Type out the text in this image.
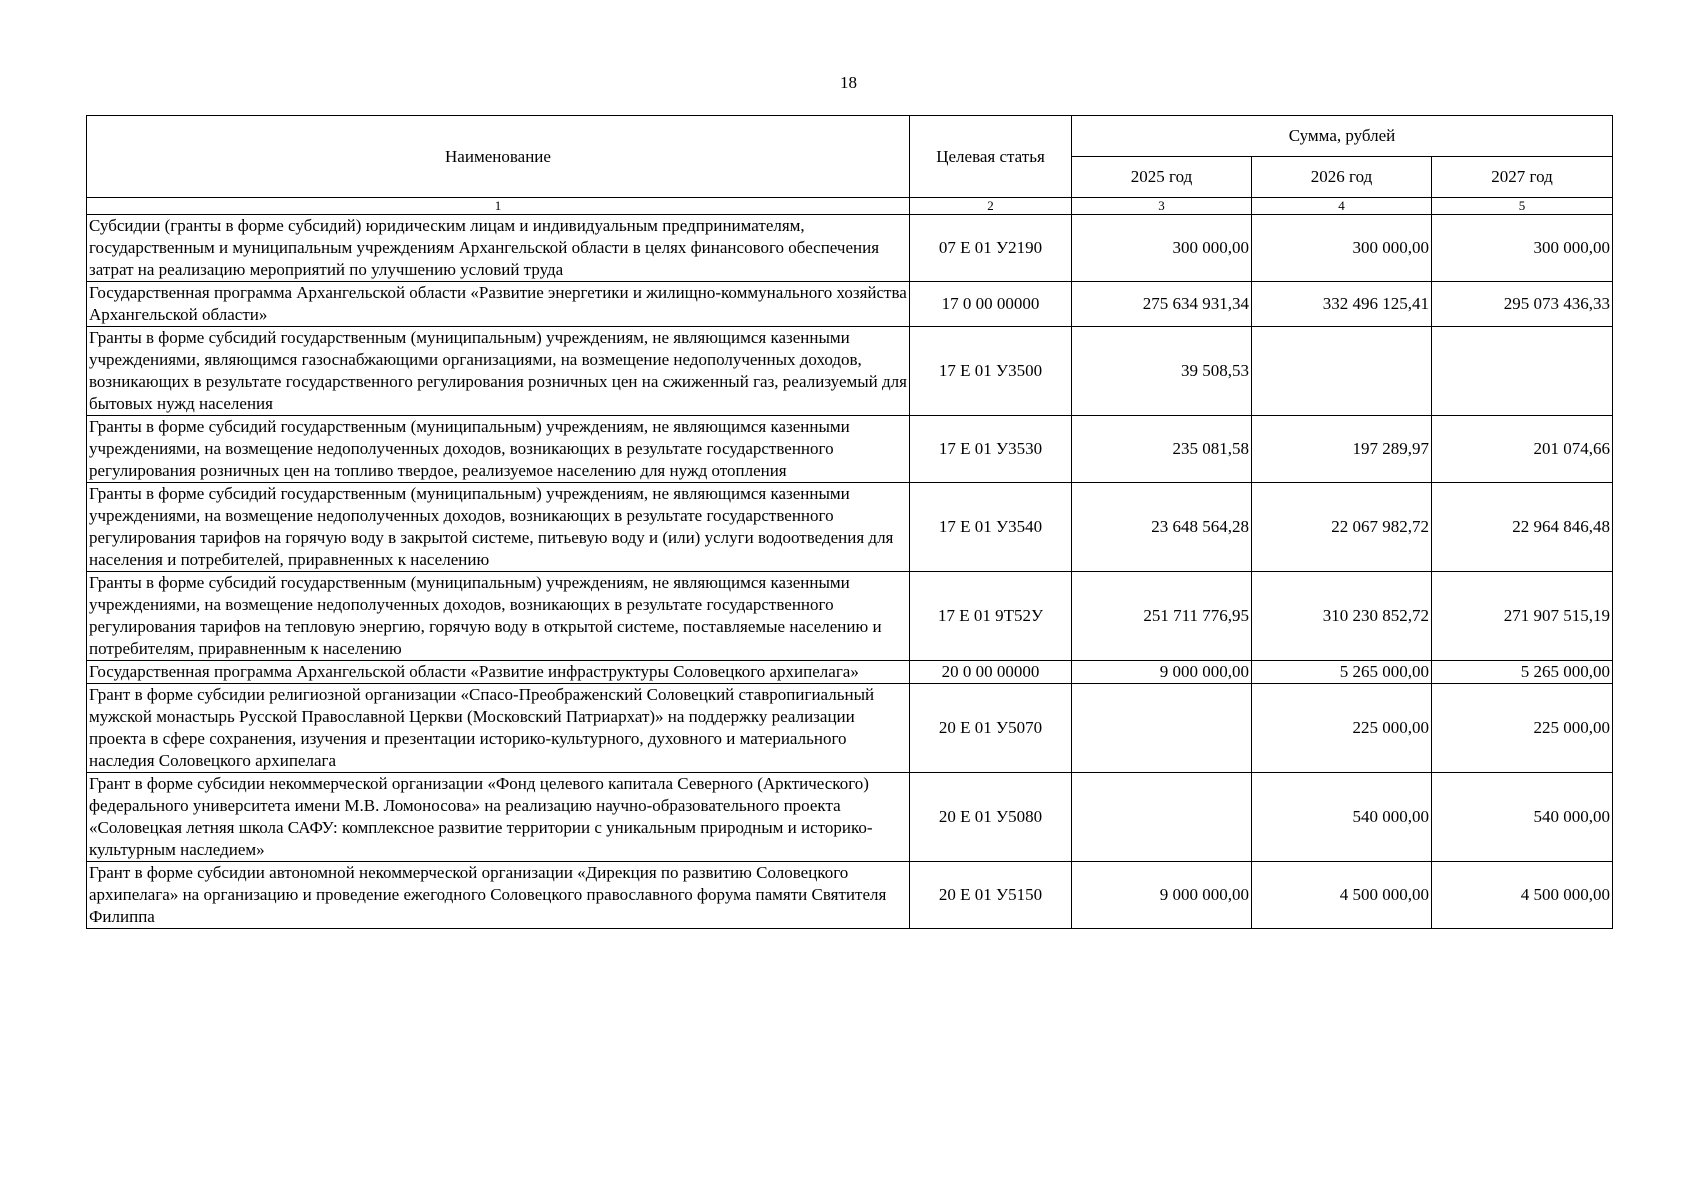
18
Наименование	Целевая статья	Сумма, рублей		
		2025 год	2026 год	2027 год
1	2	3	4	5
Субсидии (гранты в форме субсидий) юридическим лицам и индивидуальным предпринимателям, государственным и муниципальным учреждениям Архангельской области в целях финансового обеспечения затрат на реализацию мероприятий по улучшению условий труда	07 Е 01 У2190	300 000,00	300 000,00	300 000,00
Государственная программа Архангельской области «Развитие энергетики и жилищно-коммунального хозяйства Архангельской области»	17 0 00 00000	275 634 931,34	332 496 125,41	295 073 436,33
Гранты в форме субсидий государственным (муниципальным) учреждениям, не являющимся казенными учреждениями, являющимся газоснабжающими организациями, на возмещение недополученных доходов, возникающих в результате государственного регулирования розничных цен на сжиженный газ, реализуемый для бытовых нужд населения	17 Е 01 У3500	39 508,53		
Гранты в форме субсидий государственным (муниципальным) учреждениям, не являющимся казенными учреждениями, на возмещение недополученных доходов, возникающих в результате государственного регулирования розничных цен на топливо твердое, реализуемое населению для нужд отопления	17 Е 01 У3530	235 081,58	197 289,97	201 074,66
Гранты в форме субсидий государственным (муниципальным) учреждениям, не являющимся казенными учреждениями, на возмещение недополученных доходов, возникающих в результате государственного регулирования тарифов на горячую воду в закрытой системе, питьевую воду и (или) услуги водоотведения для населения и потребителей, приравненных к населению	17 Е 01 У3540	23 648 564,28	22 067 982,72	22 964 846,48
Гранты в форме субсидий государственным (муниципальным) учреждениям, не являющимся казенными учреждениями, на возмещение недополученных доходов, возникающих в результате государственного регулирования тарифов на тепловую энергию, горячую воду в открытой системе, поставляемые населению и потребителям, приравненным к населению	17 Е 01 9Т52У	251 711 776,95	310 230 852,72	271 907 515,19
Государственная программа Архангельской области «Развитие инфраструктуры Соловецкого архипелага»	20 0 00 00000	9 000 000,00	5 265 000,00	5 265 000,00
Грант в форме субсидии религиозной организации «Спасо-Преображенский Соловецкий ставропигиальный мужской монастырь Русской Православной Церкви (Московский Патриархат)» на поддержку реализации проекта в сфере сохранения, изучения и презентации историко-культурного, духовного и материального наследия Соловецкого архипелага	20 Е 01 У5070		225 000,00	225 000,00
Грант в форме субсидии некоммерческой организации «Фонд целевого капитала Северного (Арктического) федерального университета имени М.В. Ломоносова» на реализацию научно-образовательного проекта «Соловецкая летняя школа САФУ: комплексное развитие территории с уникальным природным и историко-культурным наследием»	20 Е 01 У5080		540 000,00	540 000,00
Грант в форме субсидии автономной некоммерческой организации «Дирекция по развитию Соловецкого архипелага» на организацию и проведение ежегодного Соловецкого православного форума памяти Святителя Филиппа	20 Е 01 У5150	9 000 000,00	4 500 000,00	4 500 000,00
